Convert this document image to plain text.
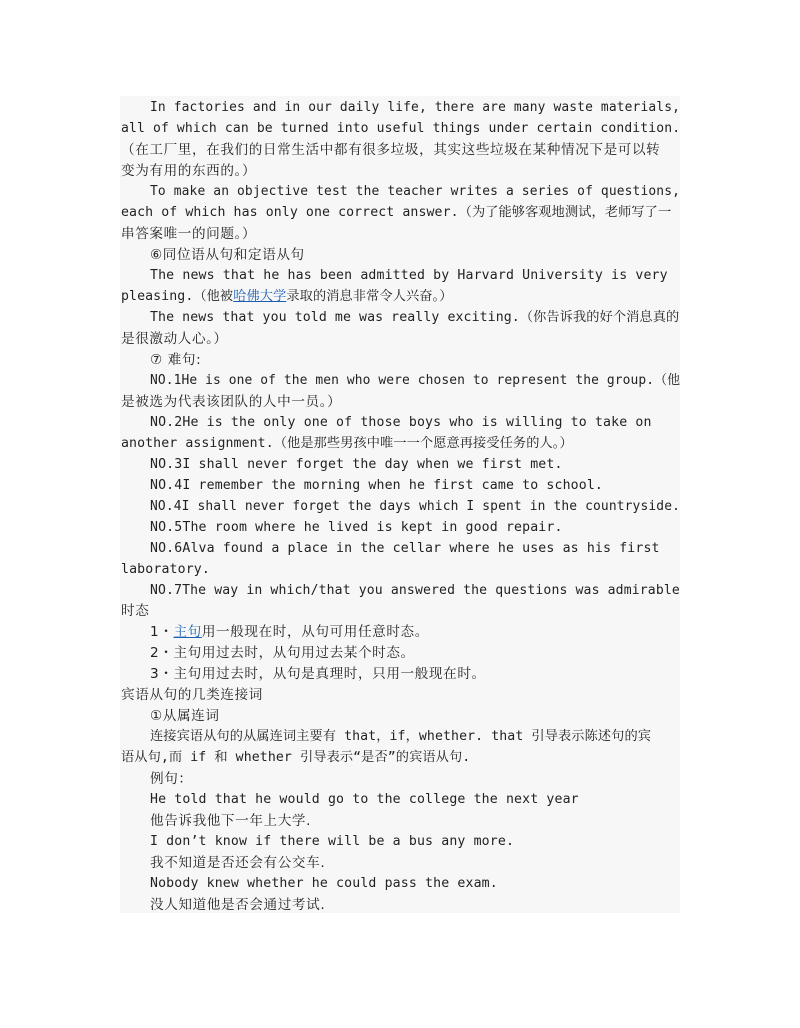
In factories and in our daily life, there are many waste materials,
all of which can be turned into useful things under certain condition.
（在工厂里，在我们的日常生活中都有很多垃圾，其实这些垃圾在某种情况下是可以转
变为有用的东西的。）
To make an objective test the teacher writes a series of questions,
each of which has only one correct answer.（为了能够客观地测试，老师写了一
串答案唯一的问题。）
⑥同位语从句和定语从句
The news that he has been admitted by Harvard University is very
pleasing.（他被哈佛大学录取的消息非常令人兴奋。）
The news that you told me was really exciting.（你告诉我的好个消息真的
是很激动人心。）
⑦ 难句:
NO.1He is one of the men who were chosen to represent the group.（他
是被选为代表该团队的人中一员。）
NO.2He is the only one of those boys who is willing to take on
another assignment.（他是那些男孩中唯一一个愿意再接受任务的人。）
NO.3I shall never forget the day when we first met.
NO.4I remember the morning when he first came to school.
NO.4I shall never forget the days which I spent in the countryside.
NO.5The room where he lived is kept in good repair.
NO.6Alva found a place in the cellar where he uses as his first
laboratory.
NO.7The way in which/that you answered the questions was admirable
时态
1・主句用一般现在时，从句可用任意时态。
2・主句用过去时，从句用过去某个时态。
3・主句用过去时，从句是真理时，只用一般现在时。
宾语从句的几类连接词
①从属连词
连接宾语从句的从属连词主要有 that，if，whether. that 引导表示陈述句的宾
语从句,而 if 和 whether 引导表示“是否”的宾语从句.
例句：
He told that he would go to the college the next year
他告诉我他下一年上大学.
I don’t know if there will be a bus any more.
我不知道是否还会有公交车.
Nobody knew whether he could pass the exam.
没人知道他是否会通过考试.
